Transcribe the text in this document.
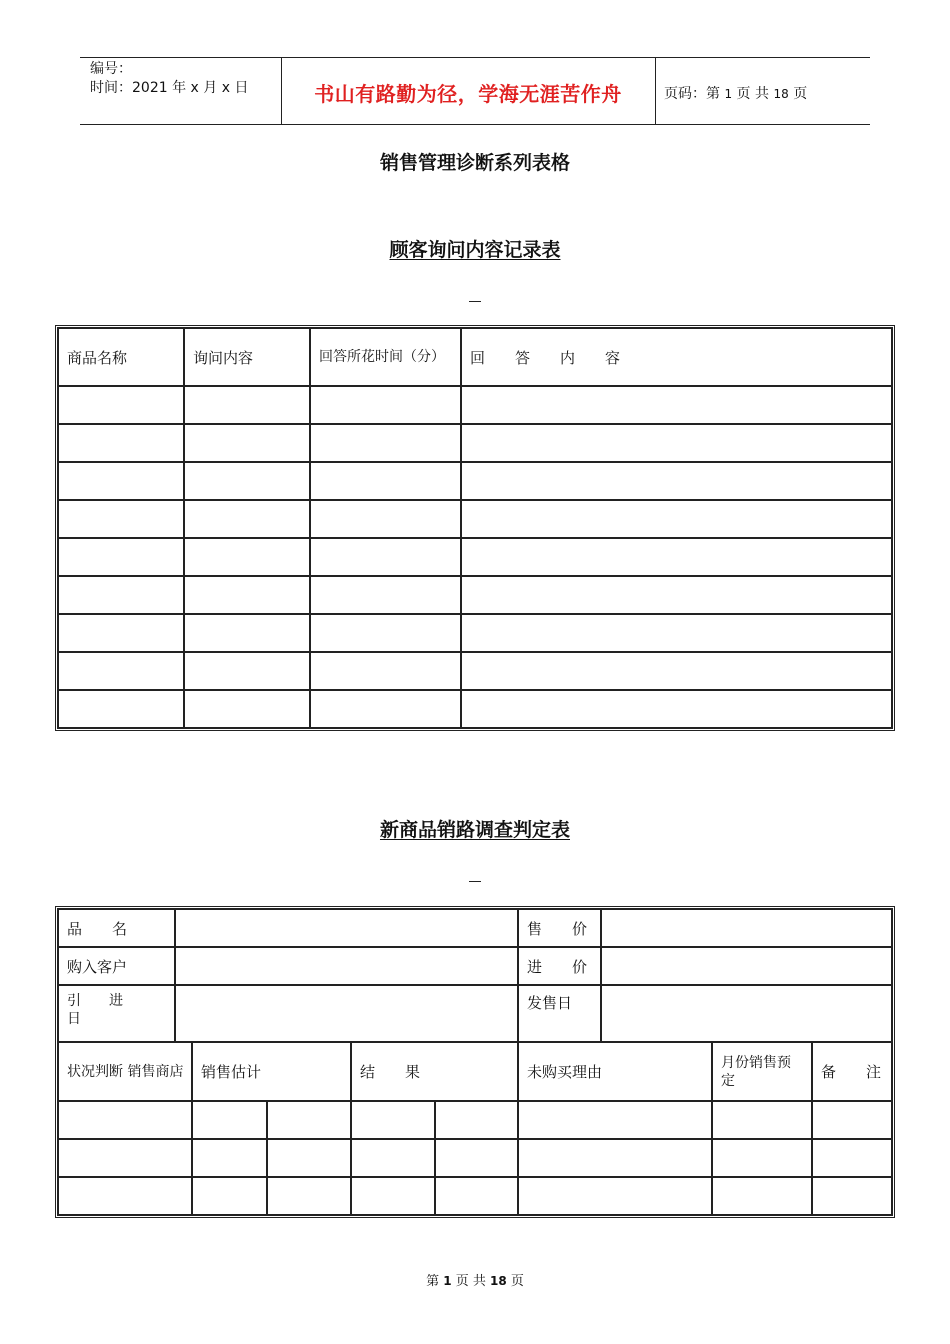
编号：
时间：2021 年 x 月 x 日	书山有路勤为径，学海无涯苦作舟	页码：第 1 页 共 18 页
销售管理诊断系列表格
顾客询问内容记录表
商品名称	询问内容	回答所花时间（分）	回　　答　　内　　容

新商品销路调查判定表
品　　名						售　　价			
购入客户						进　　价			
引　　进　　日						发售日			
状况判断 销售商店		销售估计		结　　果		未购买理由		月份销售预　　定	备　　注

第 1 页 共 18 页
